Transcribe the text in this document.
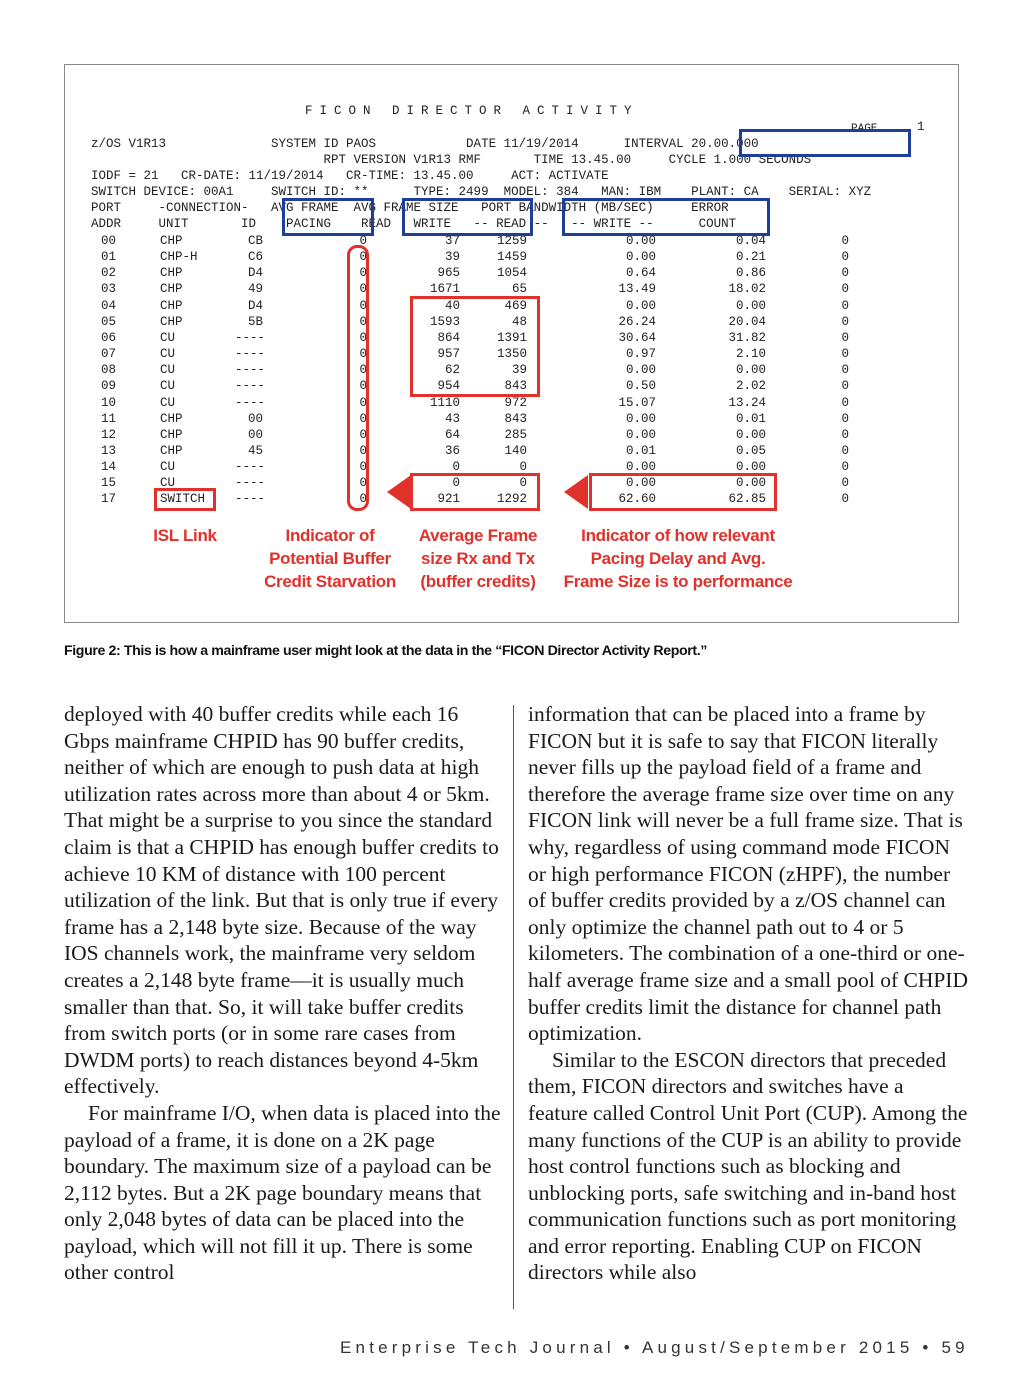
FICON DIRECTOR ACTIVITY
PAGE	1
z/OS V1R13              SYSTEM ID PAOS            DATE 11/19/2014      INTERVAL 20.00.000
RPT VERSION V1R13 RMF       TIME 13.45.00     CYCLE 1.000 SECONDS
IODF = 21   CR-DATE: 11/19/2014   CR-TIME: 13.45.00     ACT: ACTIVATE
SWITCH DEVICE: 00A1     SWITCH ID: **      TYPE: 2499  MODEL: 384   MAN: IBM    PLANT: CA    SERIAL: XYZ
PORT     -CONNECTION-   AVG FRAME  AVG FRAME SIZE   PORT BANDWIDTH (MB/SEC)     ERROR
ADDR     UNIT       ID    PACING    READ   WRITE   -- READ --   -- WRITE --      COUNT
00	CHP	CB	0	37	1259	0.00	0.04	0
01	CHP-H	C6	0	39	1459	0.00	0.21	0
02	CHP	D4	0	965	1054	0.64	0.86	0
03	CHP	49	0	1671	65	13.49	18.02	0
04	CHP	D4	0	40	469	0.00	0.00	0
05	CHP	5B	0	1593	48	26.24	20.04	0
06	CU	----	0	864	1391	30.64	31.82	0
07	CU	----	0	957	1350	0.97	2.10	0
08	CU	----	0	62	39	0.00	0.00	0
09	CU	----	0	954	843	0.50	2.02	0
10	CU	----	0	1110	972	15.07	13.24	0
11	CHP	00	0	43	843	0.00	0.01	0
12	CHP	00	0	64	285	0.00	0.00	0
13	CHP	45	0	36	140	0.01	0.05	0
14	CU	----	0	0	0	0.00	0.00	0
15	CU	----	0	0	0	0.00	0.00	0
17	SWITCH	----	0	921	1292	62.60	62.85	0
ISL Link	Indicator of
Potential Buffer
Credit Starvation
Average Frame
size Rx and Tx
(buffer credits)
Indicator of how relevant
Pacing Delay and Avg.
Frame Size is to performance
Figure 2: This is how a mainframe user might look at the data in the “FICON Director Activity Report.”

deployed with 40 buffer credits while each 16 Gbps mainframe CHPID has 90 buffer credits, neither of which are enough to push data at high utilization rates across more than about 4 or 5km. That might be a surprise to you since the standard claim is that a CHPID has enough buffer credits to achieve 10 KM of distance with 100 percent utilization of the link. But that is only true if every frame has a 2,148 byte size. Because of the way IOS channels work, the mainframe very seldom creates a 2,148 byte frame—it is usually much smaller than that. So, it will take buffer credits from switch ports (or in some rare cases from DWDM ports) to reach distances beyond 4-5km effectively.

For mainframe I/O, when data is placed into the payload of a frame, it is done on a 2K page boundary. The maximum size of a payload can be 2,112 bytes. But a 2K page boundary means that only 2,048 bytes of data can be placed into the payload, which will not fill it up. There is some other control

information that can be placed into a frame by FICON but it is safe to say that FICON literally never fills up the payload field of a frame and therefore the average frame size over time on any FICON link will never be a full frame size. That is why, regardless of using command mode FICON or high performance FICON (zHPF), the number of buffer credits provided by a z/OS channel can only optimize the channel path out to 4 or 5 kilometers. The combination of a one-third or one-half average frame size and a small pool of CHPID buffer credits limit the distance for channel path optimization.

Similar to the ESCON directors that preceded them, FICON directors and switches have a feature called Control Unit Port (CUP). Among the many functions of the CUP is an ability to provide host control functions such as blocking and unblocking ports, safe switching and in-band host communication functions such as port monitoring and error reporting. Enabling CUP on FICON directors while also

Enterprise Tech Journal • August/September 2015 • 59
